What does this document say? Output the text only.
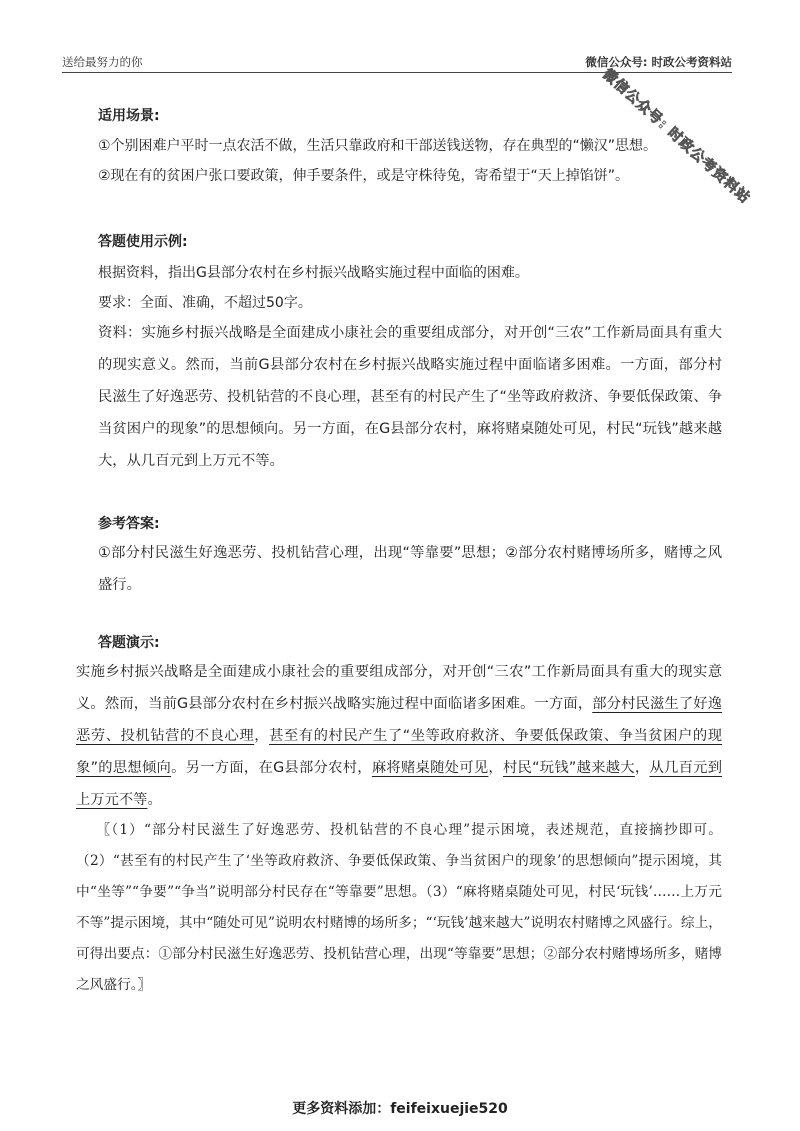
送给最努力的你	微信公众号: 时政公考资料站
微信公众号: 时政公考资料站
适用场景:
①个别困难户平时一点农活不做，生活只靠政府和干部送钱送物，存在典型的“懒汉”思想。
②现在有的贫困户张口要政策，伸手要条件，或是守株待兔，寄希望于“天上掉馅饼”。
答题使用示例:
根据资料，指出G县部分农村在乡村振兴战略实施过程中面临的困难。
要求：全面、准确，不超过50字。
资料：实施乡村振兴战略是全面建成小康社会的重要组成部分，对开创“三农”工作新局面具有重大的现实意义。然而，当前G县部分农村在乡村振兴战略实施过程中面临诸多困难。一方面，部分村民滋生了好逸恶劳、投机钻营的不良心理，甚至有的村民产生了“坐等政府救济、争要低保政策、争当贫困户的现象”的思想倾向。另一方面，在G县部分农村，麻将赌桌随处可见，村民“玩钱”越来越大，从几百元到上万元不等。
参考答案:
①部分村民滋生好逸恶劳、投机钻营心理，出现“等靠要”思想；②部分农村赌博场所多，赌博之风盛行。
答题演示:
实施乡村振兴战略是全面建成小康社会的重要组成部分，对开创“三农”工作新局面具有重大的现实意义。然而，当前G县部分农村在乡村振兴战略实施过程中面临诸多困难。一方面，部分村民滋生了好逸恶劳、投机钻营的不良心理，甚至有的村民产生了“坐等政府救济、争要低保政策、争当贫困户的现象”的思想倾向。另一方面，在G县部分农村，麻将赌桌随处可见，村民“玩钱”越来越大，从几百元到上万元不等。
〖（1）“部分村民滋生了好逸恶劳、投机钻营的不良心理”提示困境，表述规范，直接摘抄即可。（2）“甚至有的村民产生了‘坐等政府救济、争要低保政策、争当贫困户的现象’的思想倾向”提示困境，其中“坐等”“争要”“争当”说明部分村民存在“等靠要”思想。（3）“麻将赌桌随处可见，村民‘玩钱’……上万元不等”提示困境，其中“随处可见”说明农村赌博的场所多；“‘玩钱’越来越大”说明农村赌博之风盛行。综上，可得出要点：①部分村民滋生好逸恶劳、投机钻营心理，出现“等靠要”思想；②部分农村赌博场所多，赌博之风盛行。〗
更多资料添加：feifeixuejie520
